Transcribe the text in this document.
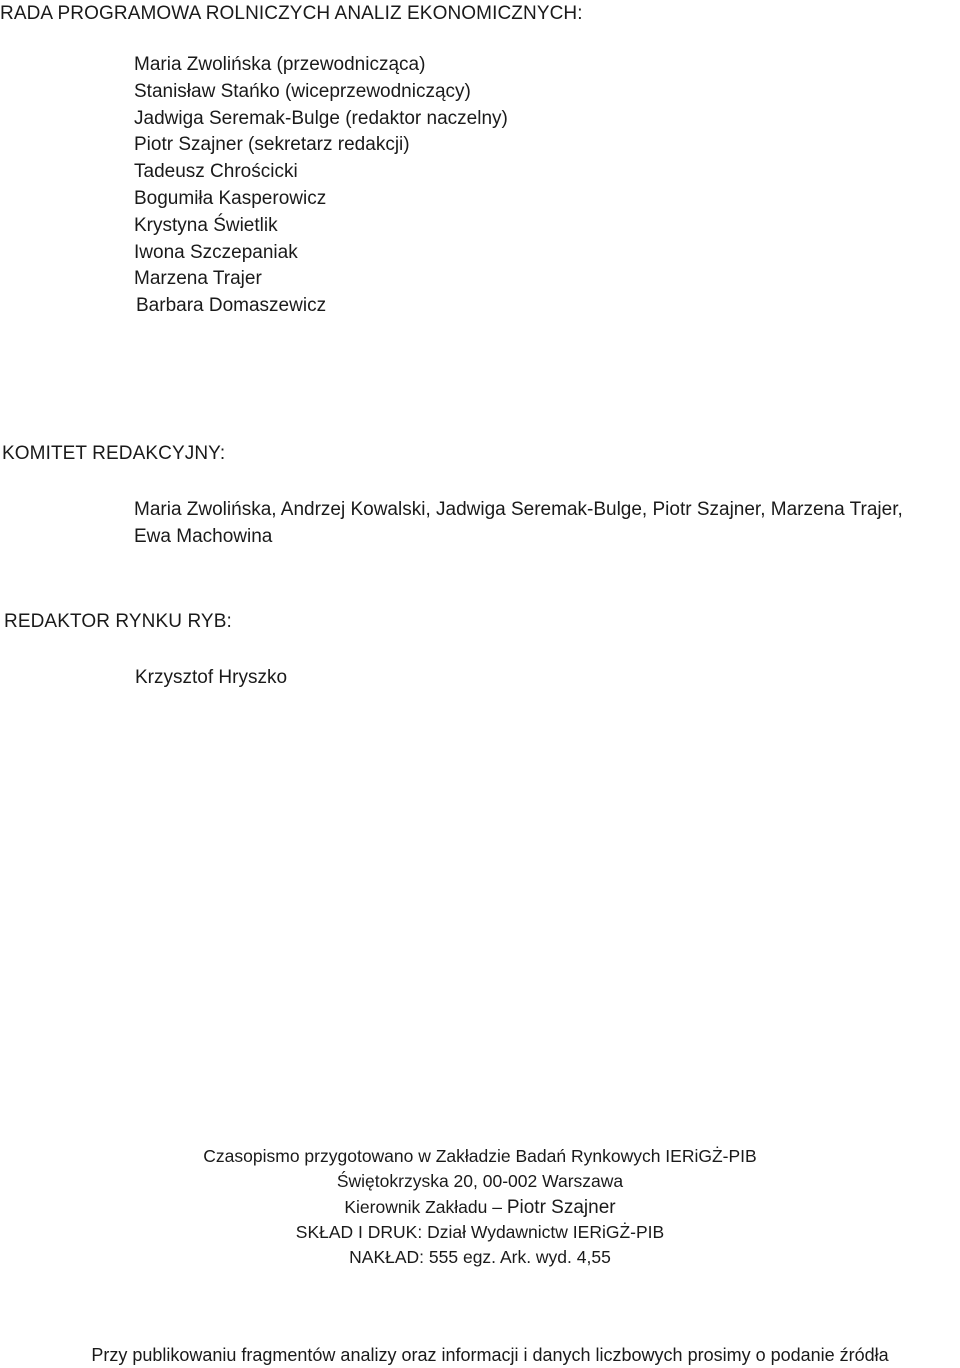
RADA PROGRAMOWA ROLNICZYCH ANALIZ EKONOMICZNYCH:
Maria Zwolińska (przewodnicząca)
Stanisław Stańko (wiceprzewodniczący)
Jadwiga Seremak-Bulge (redaktor naczelny)
Piotr Szajner (sekretarz redakcji)
Tadeusz Chrościcki
Bogumiła Kasperowicz
Krystyna Świetlik
Iwona Szczepaniak
Marzena Trajer
Barbara Domaszewicz
KOMITET REDAKCYJNY:
Maria Zwolińska, Andrzej Kowalski, Jadwiga Seremak-Bulge, Piotr Szajner, Marzena Trajer,
Ewa Machowina
REDAKTOR RYNKU RYB:
Krzysztof Hryszko
Czasopismo przygotowano w Zakładzie Badań Rynkowych IERiGŻ-PIB
Świętokrzyska 20, 00-002 Warszawa
Kierownik Zakładu – Piotr Szajner
SKŁAD I DRUK: Dział Wydawnictw IERiGŻ-PIB
NAKŁAD: 555 egz. Ark. wyd. 4,55
Przy publikowaniu fragmentów analizy oraz informacji i danych liczbowych prosimy o podanie źródła
